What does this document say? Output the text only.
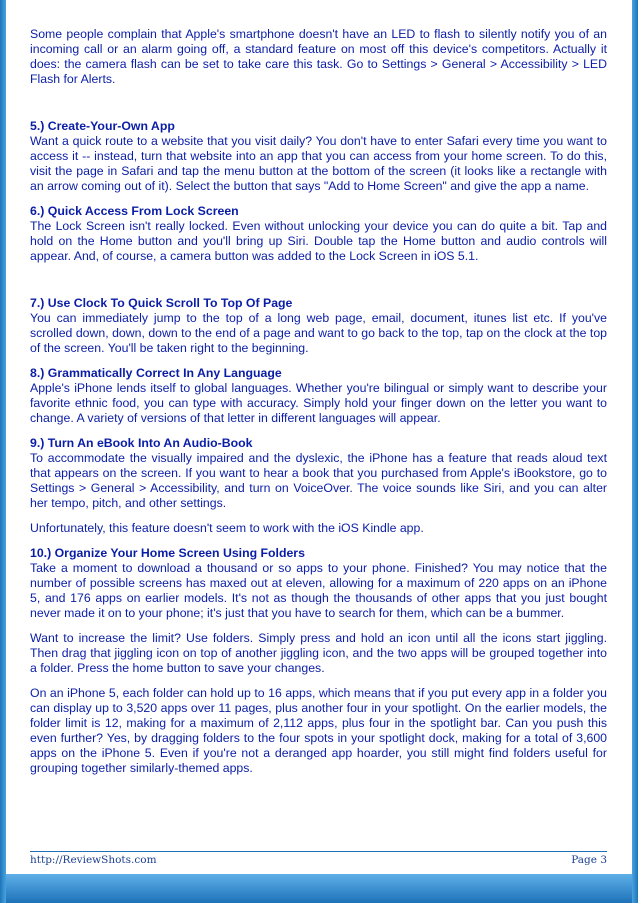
Some people complain that Apple's smartphone doesn't have an LED to flash to silently notify you of an incoming call or an alarm going off, a standard feature on most off this device's competitors. Actually it does: the camera flash can be set to take care this task. Go to Settings > General > Accessibility > LED Flash for Alerts.

5.) Create-Your-Own App

Want a quick route to a website that you visit daily? You don't have to enter Safari every time you want to access it -- instead, turn that website into an app that you can access from your home screen. To do this, visit the page in Safari and tap the menu button at the bottom of the screen (it looks like a rectangle with an arrow coming out of it). Select the button that says "Add to Home Screen" and give the app a name.

6.) Quick Access From Lock Screen

The Lock Screen isn't really locked. Even without unlocking your device you can do quite a bit. Tap and hold on the Home button and you'll bring up Siri. Double tap the Home button and audio controls will appear. And, of course, a camera button was added to the Lock Screen in iOS 5.1.

7.) Use Clock To Quick Scroll To Top Of Page

You can immediately jump to the top of a long web page, email, document, itunes list etc. If you've scrolled down, down, down to the end of a page and want to go back to the top, tap on the clock at the top of the screen. You'll be taken right to the beginning.

8.) Grammatically Correct In Any Language

Apple's iPhone lends itself to global languages. Whether you're bilingual or simply want to describe your favorite ethnic food, you can type with accuracy. Simply hold your finger down on the letter you want to change. A variety of versions of that letter in different languages will appear.

9.) Turn An eBook Into An Audio-Book

To accommodate the visually impaired and the dyslexic, the iPhone has a feature that reads aloud text that appears on the screen. If you want to hear a book that you purchased from Apple's iBookstore, go to Settings > General > Accessibility, and turn on VoiceOver. The voice sounds like Siri, and you can alter her tempo, pitch, and other settings.

Unfortunately, this feature doesn't seem to work with the iOS Kindle app.

10.) Organize Your Home Screen Using Folders

Take a moment to download a thousand or so apps to your phone. Finished? You may notice that the number of possible screens has maxed out at eleven, allowing for a maximum of 220 apps on an iPhone 5, and 176 apps on earlier models. It's not as though the thousands of other apps that you just bought never made it on to your phone; it's just that you have to search for them, which can be a bummer.

Want to increase the limit? Use folders. Simply press and hold an icon until all the icons start jiggling. Then drag that jiggling icon on top of another jiggling icon, and the two apps will be grouped together into a folder. Press the home button to save your changes.

On an iPhone 5, each folder can hold up to 16 apps, which means that if you put every app in a folder you can display up to 3,520 apps over 11 pages, plus another four in your spotlight. On the earlier models, the folder limit is 12, making for a maximum of 2,112 apps, plus four in the spotlight bar. Can you push this even further? Yes, by dragging folders to the four spots in your spotlight dock, making for a total of 3,600 apps on the iPhone 5. Even if you're not a deranged app hoarder, you still might find folders useful for grouping together similarly-themed apps.

http://ReviewShots.com	Page 3
